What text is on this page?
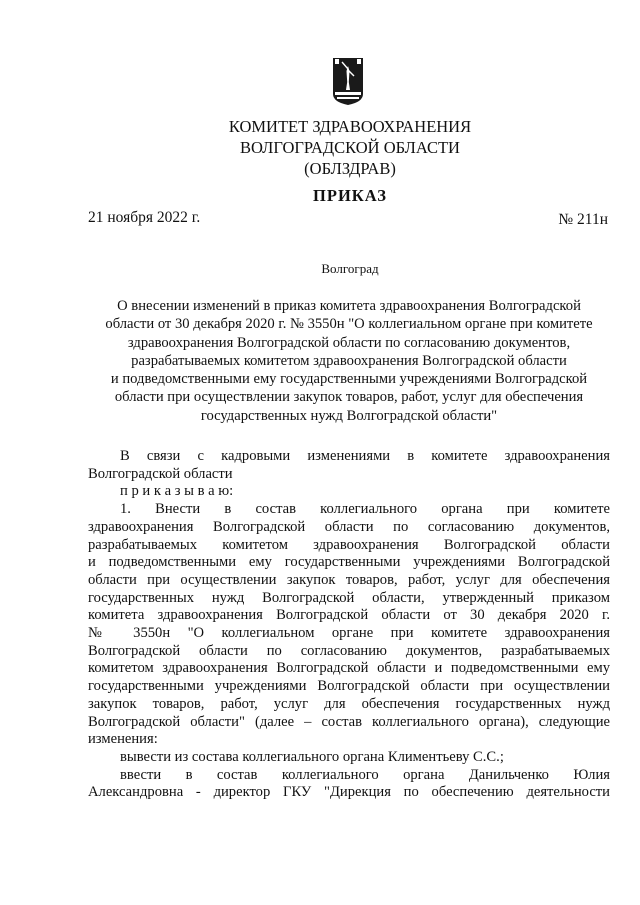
КОМИТЕТ ЗДРАВООХРАНЕНИЯ
ВОЛГОГРАДСКОЙ ОБЛАСТИ
(ОБЛЗДРАВ)
ПРИКАЗ
21 ноября 2022 г.	№ 211н
Волгоград
О внесении изменений в приказ комитета здравоохранения Волгоградской
области от 30 декабря 2020 г. № 3550н "О коллегиальном органе при комитете
здравоохранения Волгоградской области по согласованию документов,
разрабатываемых комитетом здравоохранения Волгоградской области
и подведомственными ему государственными учреждениями Волгоградской
области при осуществлении закупок товаров, работ, услуг для обеспечения
государственных нужд Волгоградской области"
В связи с кадровыми изменениями в комитете здравоохранения
Волгоградской области
п р и к а з ы в а ю:
1. Внести в состав коллегиального органа при комитете
здравоохранения Волгоградской области по согласованию документов,
разрабатываемых комитетом здравоохранения Волгоградской области
и подведомственными ему государственными учреждениями Волгоградской
области при осуществлении закупок товаров, работ, услуг для обеспечения
государственных нужд Волгоградской области, утвержденный приказом
комитета здравоохранения Волгоградской области от 30 декабря 2020 г.
№ 3550н "О коллегиальном органе при комитете здравоохранения
Волгоградской области по согласованию документов, разрабатываемых
комитетом здравоохранения Волгоградской области и подведомственными ему
государственными учреждениями Волгоградской области при осуществлении
закупок товаров, работ, услуг для обеспечения государственных нужд
Волгоградской области" (далее – состав коллегиального органа), следующие
изменения:
вывести из состава коллегиального органа Климентьеву С.С.;
ввести в состав коллегиального органа Данильченко Юлия
Александровна - директор ГКУ "Дирекция по обеспечению деятельности
